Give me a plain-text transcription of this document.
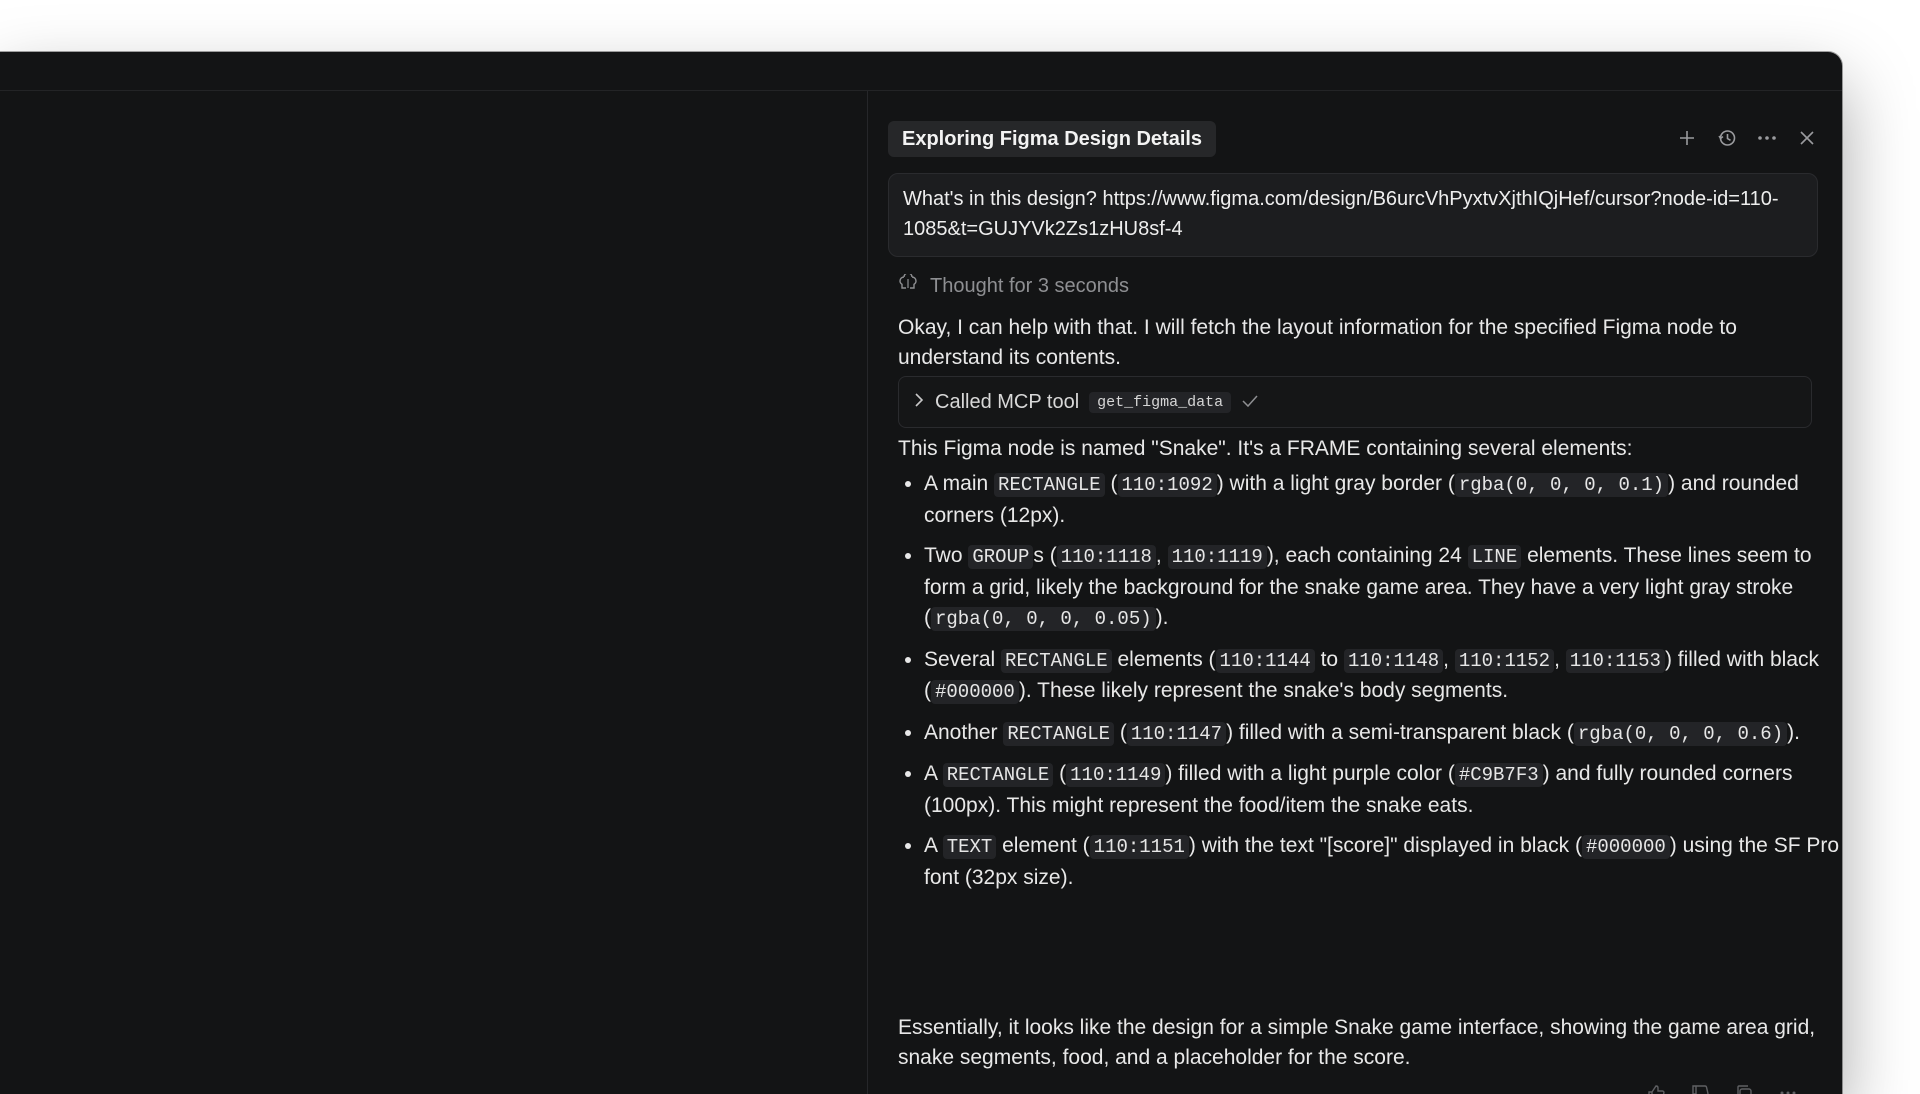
Exploring Figma Design Details
What's in this design? https://www.figma.com/design/B6urcVhPyxtvXjthIQjHef/cursor?node-id=110-1085&t=GUJYVk2Zs1zHU8sf-4
Thought for 3 seconds
Okay, I can help with that. I will fetch the layout information for the specified Figma node to understand its contents.
Called MCP tool	get_figma_data
This Figma node is named "Snake". It's a FRAME containing several elements:
• A main RECTANGLE ( 110:1092 ) with a light gray border ( rgba(0, 0, 0, 0.1) ) and rounded corners (12px).
• Two GROUP s ( 110:1118 , 110:1119 ), each containing 24 LINE elements. These lines seem to form a grid, likely the background for the snake game area. They have a very light gray stroke ( rgba(0, 0, 0, 0.05) ).
• Several RECTANGLE elements ( 110:1144 to 110:1148 , 110:1152 , 110:1153 ) filled with black ( #000000 ). These likely represent the snake's body segments.
• Another RECTANGLE ( 110:1147 ) filled with a semi-transparent black ( rgba(0, 0, 0, 0.6) ).
• A RECTANGLE ( 110:1149 ) filled with a light purple color ( #C9B7F3 ) and fully rounded corners (100px). This might represent the food/item the snake eats.
• A TEXT element ( 110:1151 ) with the text "[score]" displayed in black ( #000000 ) using the SF Pro font (32px size).
Essentially, it looks like the design for a simple Snake game interface, showing the game area grid, snake segments, food, and a placeholder for the score.
